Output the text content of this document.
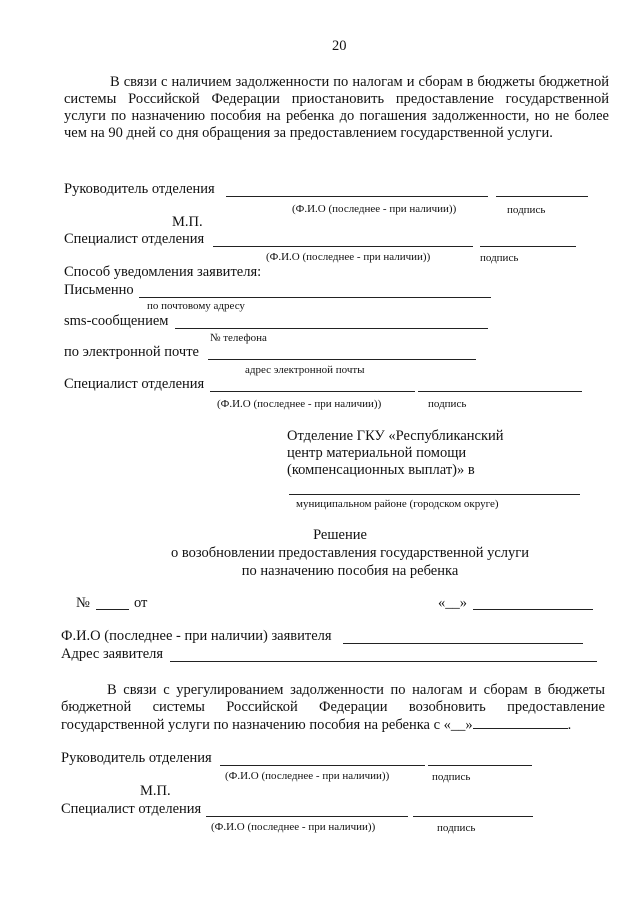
20

В связи с наличием задолженности по налогам и сборам в бюджеты бюджетной системы Российской Федерации приостановить предоставление государственной услуги по назначению пособия на ребенка до погашения задолженности, но не более чем на 90 дней со дня обращения за предоставлением государственной услуги.

Руководитель отделения
(Ф.И.О (последнее - при наличии))	подпись
М.П.
Специалист отделения
(Ф.И.О (последнее - при наличии))	подпись
Способ уведомления заявителя:
Письменно
по почтовому адресу
sms-сообщением
№ телефона
по электронной почте
адрес электронной почты
Специалист отделения
(Ф.И.О (последнее - при наличии))	подпись
Отделение ГКУ «Республиканский
центр материальной помощи
(компенсационных выплат)» в
муниципальном районе (городском округе)
Решение
о возобновлении предоставления государственной услуги
по назначению пособия на ребенка
№	от	«__»
Ф.И.О (последнее - при наличии) заявителя
Адрес заявителя

В связи с урегулированием задолженности по налогам и сборам в бюджеты бюджетной системы Российской Федерации возобновить предоставление государственной услуги по назначению пособия на ребенка с «__»	.

Руководитель отделения
(Ф.И.О (последнее - при наличии))	подпись
М.П.
Специалист отделения
(Ф.И.О (последнее - при наличии))	подпись
